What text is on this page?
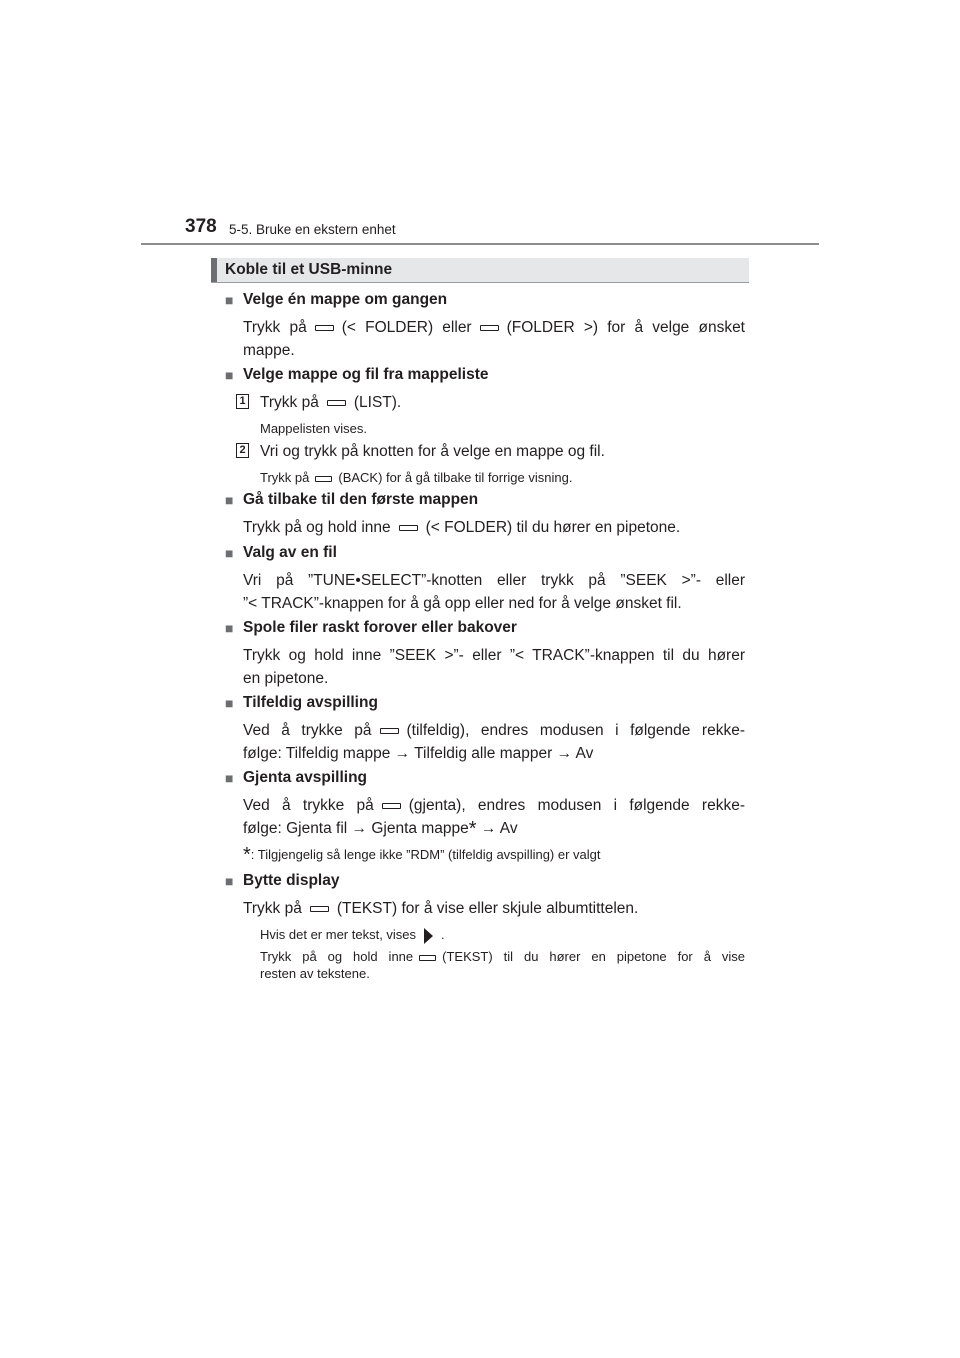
378 5-5. Bruke en ekstern enhet
Koble til et USB-minne
■ Velge én mappe om gangen
Trykk på (< FOLDER) eller (FOLDER >) for å velge ønsket
mappe.
■ Velge mappe og fil fra mappeliste
1 Trykk på (LIST).
Mappelisten vises.
2 Vri og trykk på knotten for å velge en mappe og fil.
Trykk på (BACK) for å gå tilbake til forrige visning.
■ Gå tilbake til den første mappen
Trykk på og hold inne (< FOLDER) til du hører en pipetone.
■ Valg av en fil
Vri på ”TUNE•SELECT”-knotten eller trykk på ”SEEK >”- eller
”< TRACK”-knappen for å gå opp eller ned for å velge ønsket fil.
■ Spole filer raskt forover eller bakover
Trykk og hold inne ”SEEK >”- eller ”< TRACK”-knappen til du hører
en pipetone.
■ Tilfeldig avspilling
Ved å trykke på (tilfeldig), endres modusen i følgende rekke-
følge: Tilfeldig mappe → Tilfeldig alle mapper → Av
■ Gjenta avspilling
Ved å trykke på (gjenta), endres modusen i følgende rekke-
følge: Gjenta fil → Gjenta mappe* → Av
*: Tilgjengelig så lenge ikke ”RDM” (tilfeldig avspilling) er valgt
■ Bytte display
Trykk på (TEKST) for å vise eller skjule albumtittelen.
Hvis det er mer tekst, vises .
Trykk på og hold inne (TEKST) til du hører en pipetone for å vise
resten av tekstene.
